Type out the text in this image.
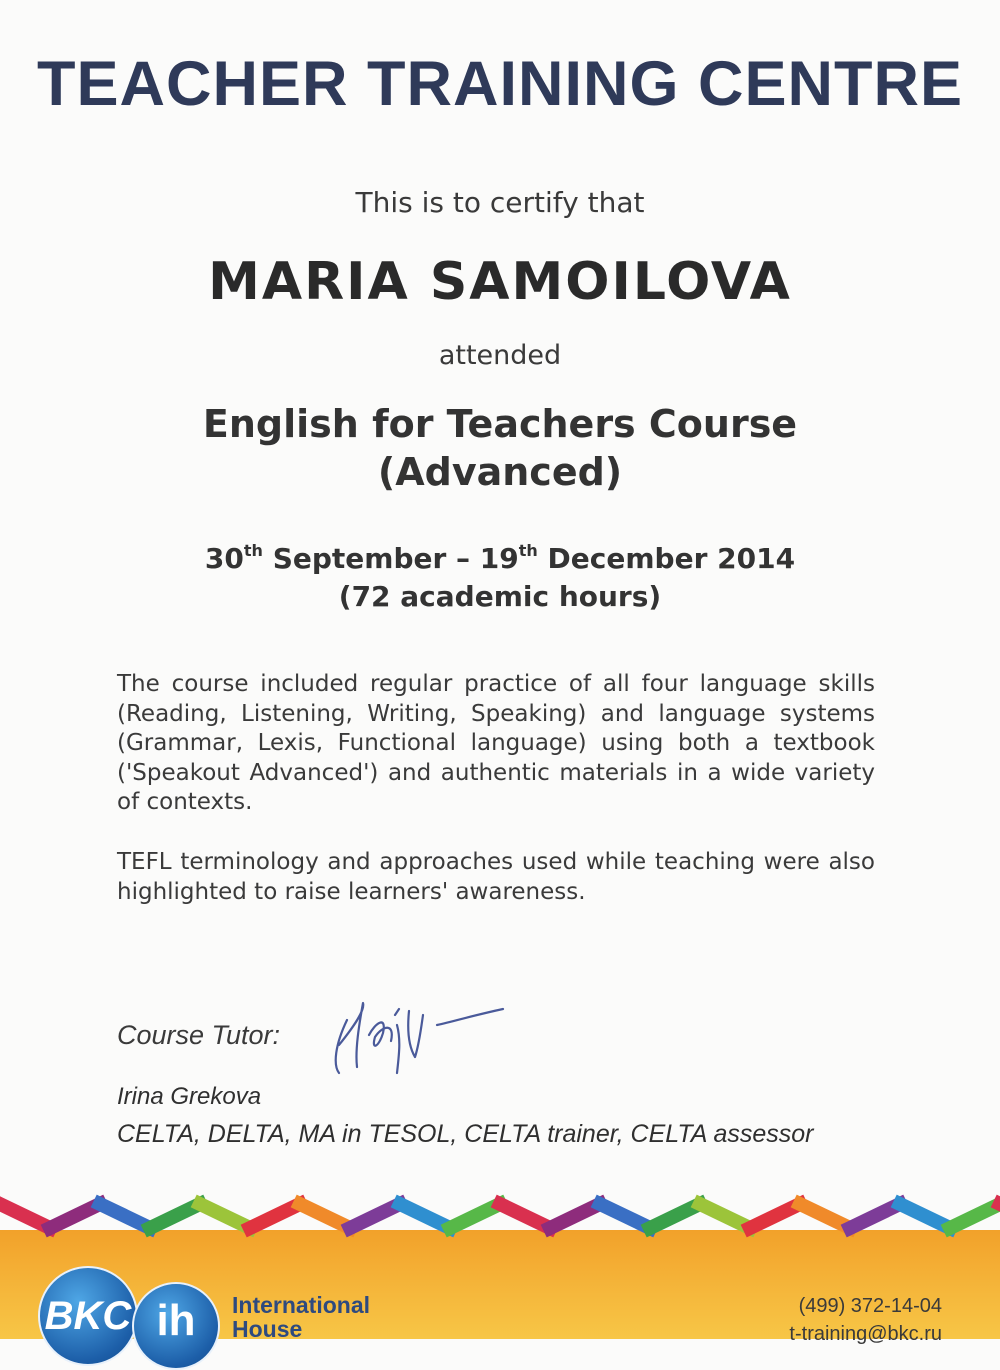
TEACHER TRAINING CENTRE
This is to certify that
MARIA SAMOILOVA
attended
English for Teachers Course
(Advanced)
30th September – 19th December 2014
(72 academic hours)
The course included regular practice of all four language skills (Reading, Listening, Writing, Speaking) and language systems (Grammar, Lexis, Functional language) using both a textbook ('Speakout Advanced') and authentic materials in a wide variety of contexts.
TEFL terminology and approaches used while teaching were also highlighted to raise learners' awareness.
Course Tutor:
Irina Grekova
CELTA, DELTA, MA in TESOL, CELTA trainer, CELTA assessor
BKC ih	International
House
(499) 372-14-04
t-training@bkc.ru
